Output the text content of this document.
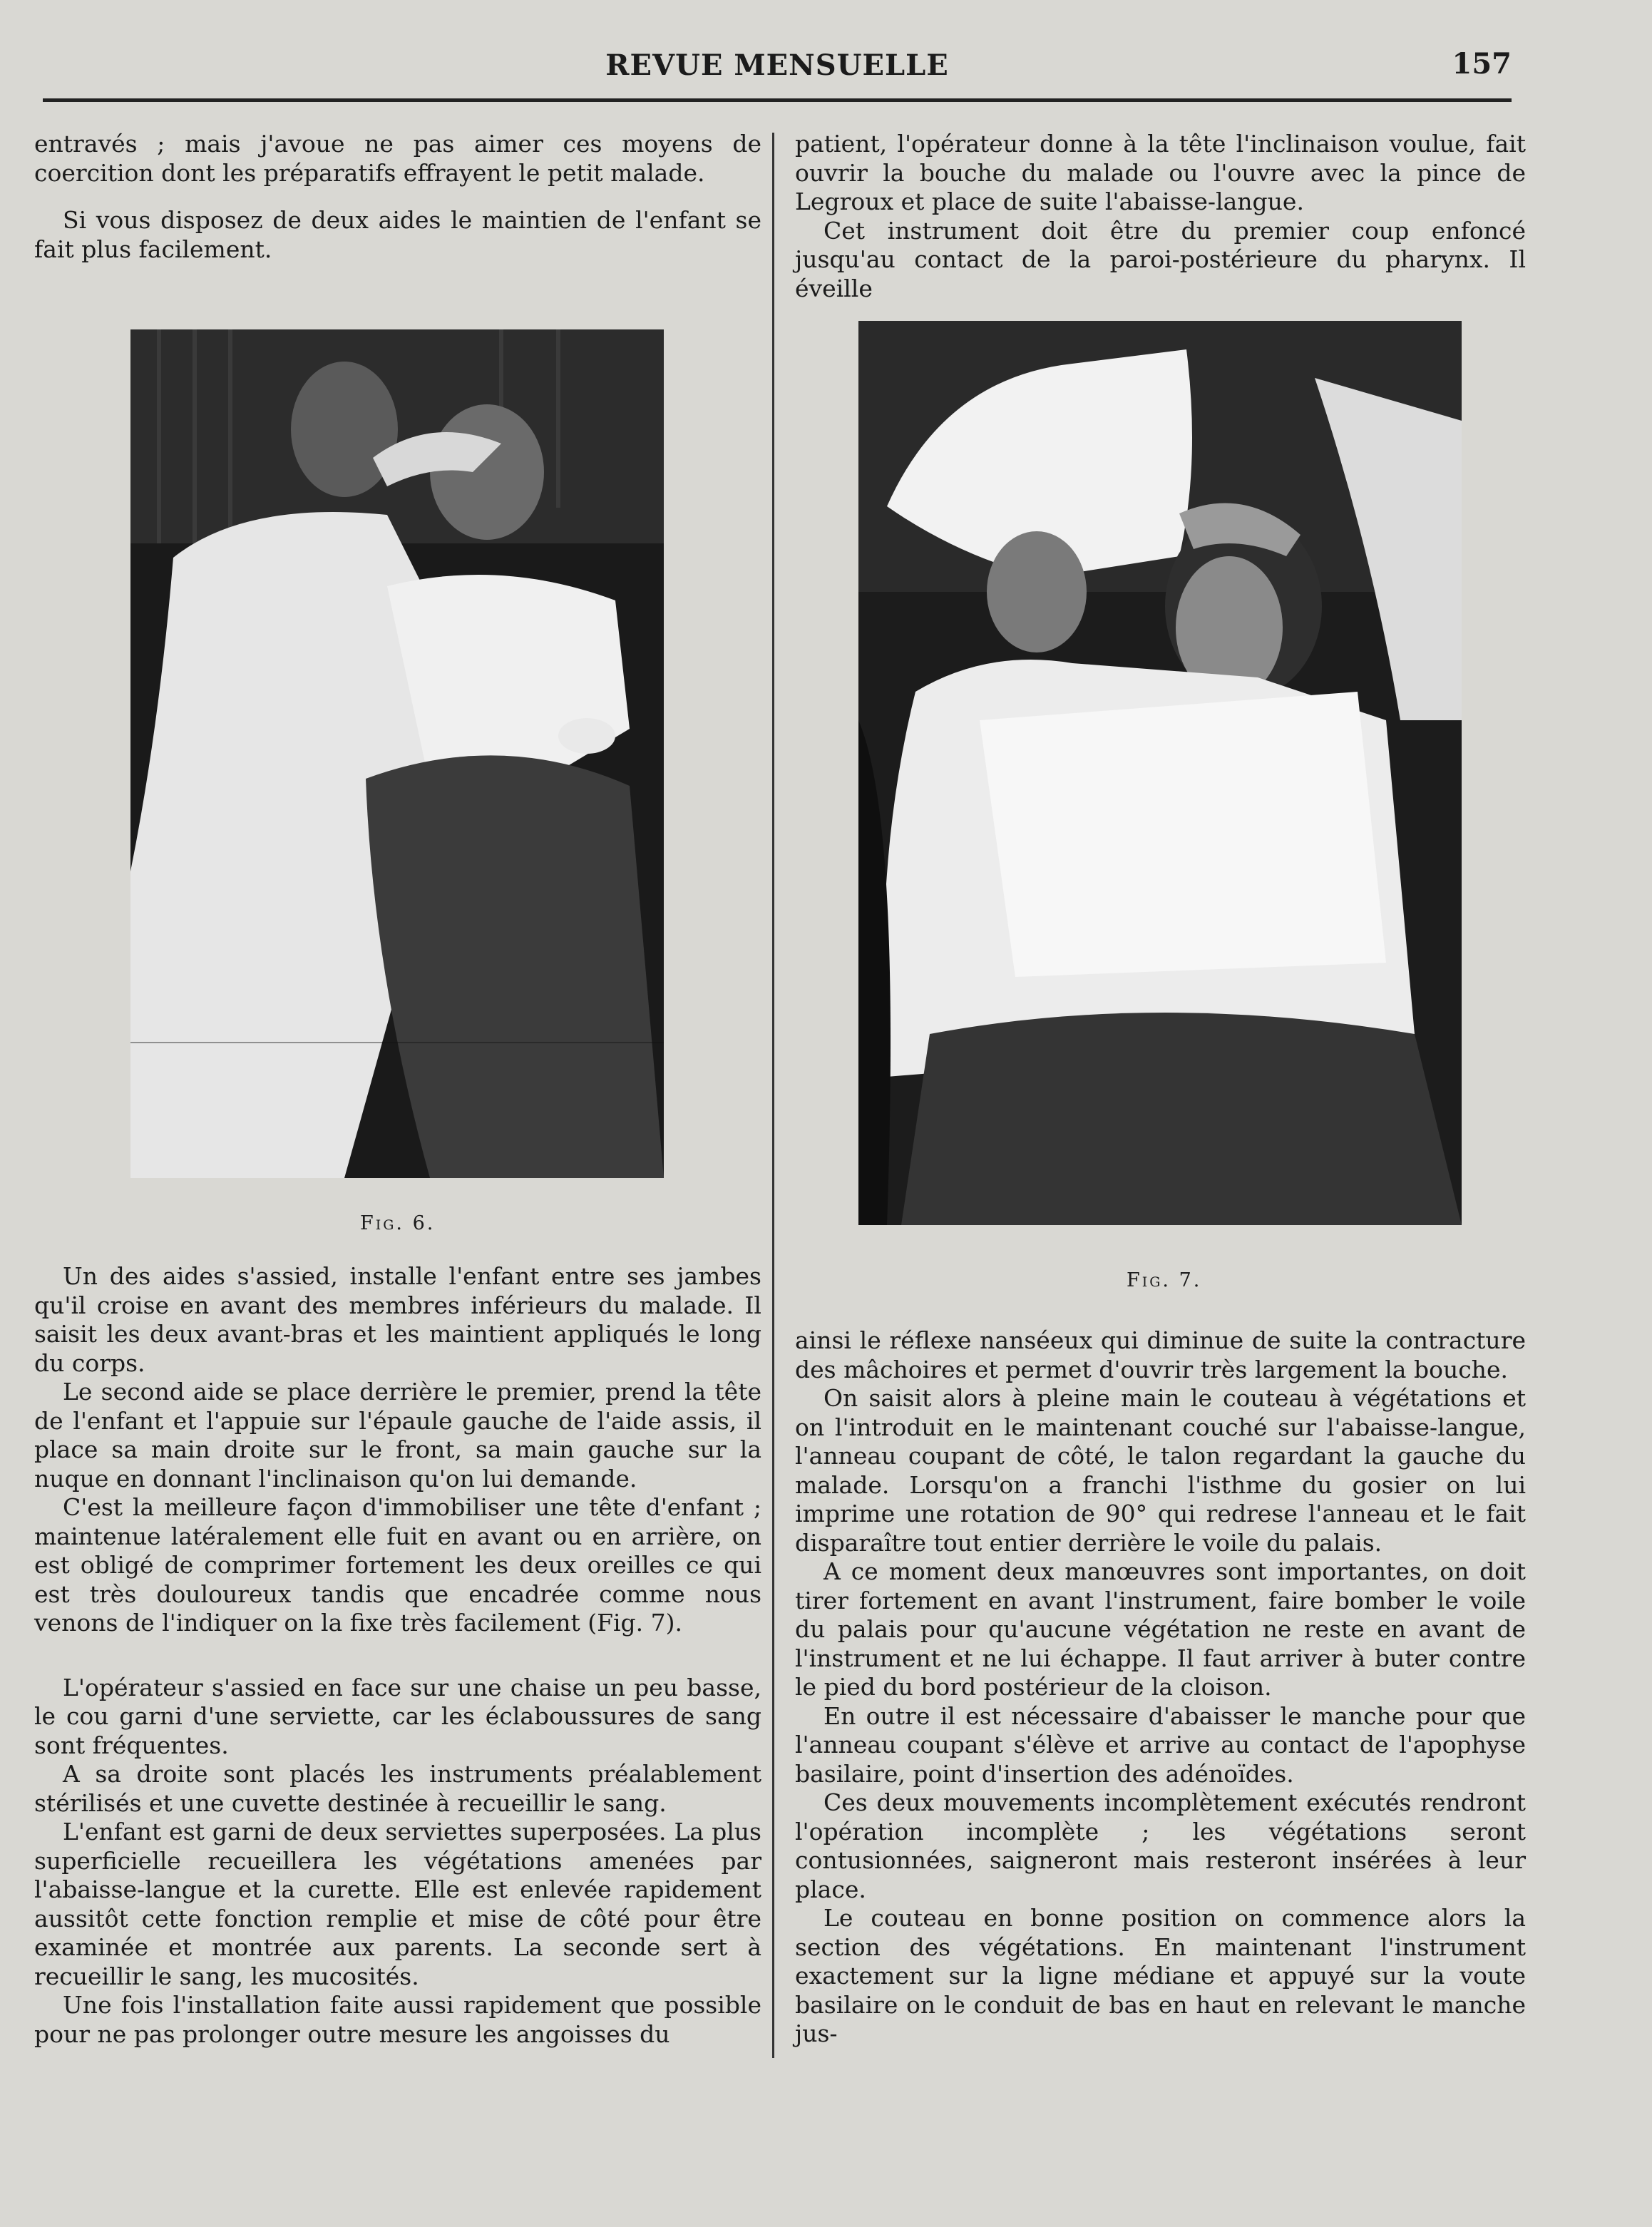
REVUE MENSUELLE	157

entravés ; mais j'avoue ne pas aimer ces moyens de coercition dont les préparatifs effrayent le petit malade.

Si vous disposez de deux aides le maintien de l'enfant se fait plus facilement.

patient, l'opérateur donne à la tête l'inclinaison voulue, fait ouvrir la bouche du malade ou l'ouvre avec la pince de Legroux et place de suite l'abaisse-langue.

Cet instrument doit être du premier coup enfoncé jusqu'au contact de la paroi-postérieure du pharynx. Il éveille

Fig. 6.
Fig. 7.

Un des aides s'assied, installe l'enfant entre ses jambes qu'il croise en avant des membres inférieurs du malade. Il saisit les deux avant-bras et les maintient appliqués le long du corps.

Le second aide se place derrière le premier, prend la tête de l'enfant et l'appuie sur l'épaule gauche de l'aide assis, il place sa main droite sur le front, sa main gauche sur la nuque en donnant l'inclinaison qu'on lui demande.

C'est la meilleure façon d'immobiliser une tête d'enfant ; maintenue latéralement elle fuit en avant ou en arrière, on est obligé de comprimer fortement les deux oreilles ce qui est très douloureux tandis que encadrée comme nous venons de l'indiquer on la fixe très facilement (Fig. 7).

L'opérateur s'assied en face sur une chaise un peu basse, le cou garni d'une serviette, car les éclaboussures de sang sont fréquentes.

A sa droite sont placés les instruments préalablement stérilisés et une cuvette destinée à recueillir le sang.

L'enfant est garni de deux serviettes superposées. La plus superficielle recueillera les végétations amenées par l'abaisse-langue et la curette. Elle est enlevée rapidement aussitôt cette fonction remplie et mise de côté pour être examinée et montrée aux parents. La seconde sert à recueillir le sang, les mucosités.

Une fois l'installation faite aussi rapidement que possible pour ne pas prolonger outre mesure les angoisses du

ainsi le réflexe nanséeux qui diminue de suite la contracture des mâchoires et permet d'ouvrir très largement la bouche.

On saisit alors à pleine main le couteau à végétations et on l'introduit en le maintenant couché sur l'abaisse-langue, l'anneau coupant de côté, le talon regardant la gauche du malade. Lorsqu'on a franchi l'isthme du gosier on lui imprime une rotation de 90° qui redrese l'anneau et le fait disparaître tout entier derrière le voile du palais.

A ce moment deux manœuvres sont importantes, on doit tirer fortement en avant l'instrument, faire bomber le voile du palais pour qu'aucune végétation ne reste en avant de l'instrument et ne lui échappe. Il faut arriver à buter contre le pied du bord postérieur de la cloison.

En outre il est nécessaire d'abaisser le manche pour que l'anneau coupant s'élève et arrive au contact de l'apophyse basilaire, point d'insertion des adénoïdes.

Ces deux mouvements incomplètement exécutés rendront l'opération incomplète ; les végétations seront contusionnées, saigneront mais resteront insérées à leur place.

Le couteau en bonne position on commence alors la section des végétations. En maintenant l'instrument exactement sur la ligne médiane et appuyé sur la voute basilaire on le conduit de bas en haut en relevant le manche jus-
